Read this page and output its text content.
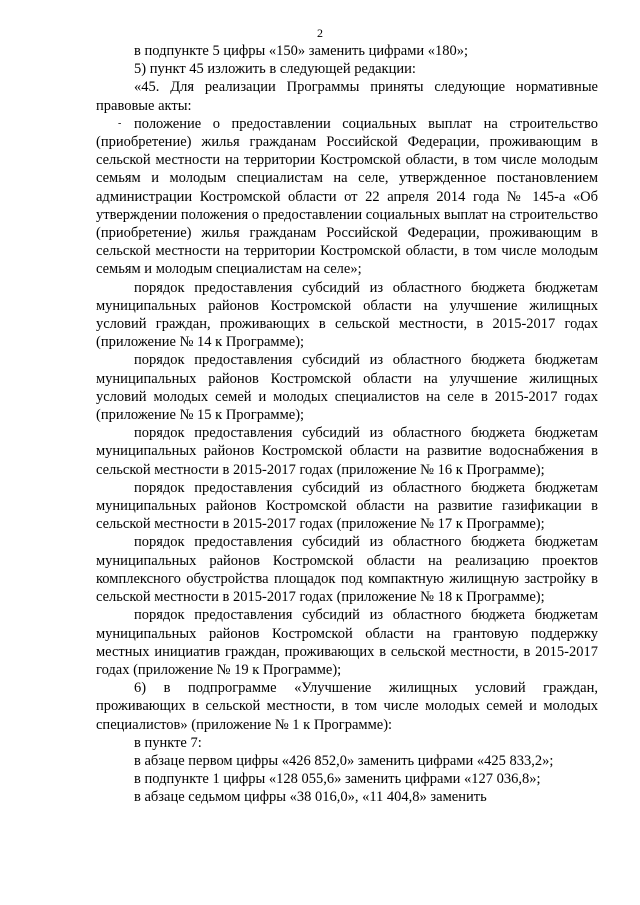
2

в подпункте 5 цифры «150» заменить цифрами «180»;

5) пункт 45 изложить в следующей редакции:

«45. Для реализации Программы приняты следующие нормативные правовые акты:

- положение о предоставлении социальных выплат на строительство (приобретение) жилья гражданам Российской Федерации, проживающим в сельской местности на территории Костромской области, в том числе молодым семьям и молодым специалистам на селе, утвержденное постановлением администрации Костромской области от 22 апреля 2014 года № 145-а «Об утверждении положения о предоставлении социальных выплат на строительство (приобретение) жилья гражданам Российской Федерации, проживающим в сельской местности на территории Костромской области, в том числе молодым семьям и молодым специалистам на селе»;

порядок предоставления субсидий из областного бюджета бюджетам муниципальных районов Костромской области на улучшение жилищных условий граждан, проживающих в сельской местности, в 2015-2017 годах (приложение № 14 к Программе);

порядок предоставления субсидий из областного бюджета бюджетам муниципальных районов Костромской области на улучшение жилищных условий молодых семей и молодых специалистов на селе в 2015-2017 годах (приложение № 15 к Программе);

порядок предоставления субсидий из областного бюджета бюджетам муниципальных районов Костромской области на развитие водоснабжения в сельской местности в 2015-2017 годах (приложение № 16 к Программе);

порядок предоставления субсидий из областного бюджета бюджетам муниципальных районов Костромской области на развитие газификации в сельской местности в 2015-2017 годах (приложение № 17 к Программе);

порядок предоставления субсидий из областного бюджета бюджетам муниципальных районов Костромской области на реализацию проектов комплексного обустройства площадок под компактную жилищную застройку в сельской местности в 2015-2017 годах (приложение № 18 к Программе);

порядок предоставления субсидий из областного бюджета бюджетам муниципальных районов Костромской области на грантовую поддержку местных инициатив граждан, проживающих в сельской местности, в 2015-2017 годах (приложение № 19 к Программе);

6) в подпрограмме «Улучшение жилищных условий граждан, проживающих в сельской местности, в том числе молодых семей и молодых специалистов» (приложение № 1 к Программе):

в пункте 7:

в абзаце первом цифры «426 852,0» заменить цифрами «425 833,2»;

в подпункте 1 цифры «128 055,6» заменить цифрами «127 036,8»;

в абзаце седьмом цифры «38 016,0», «11 404,8» заменить
